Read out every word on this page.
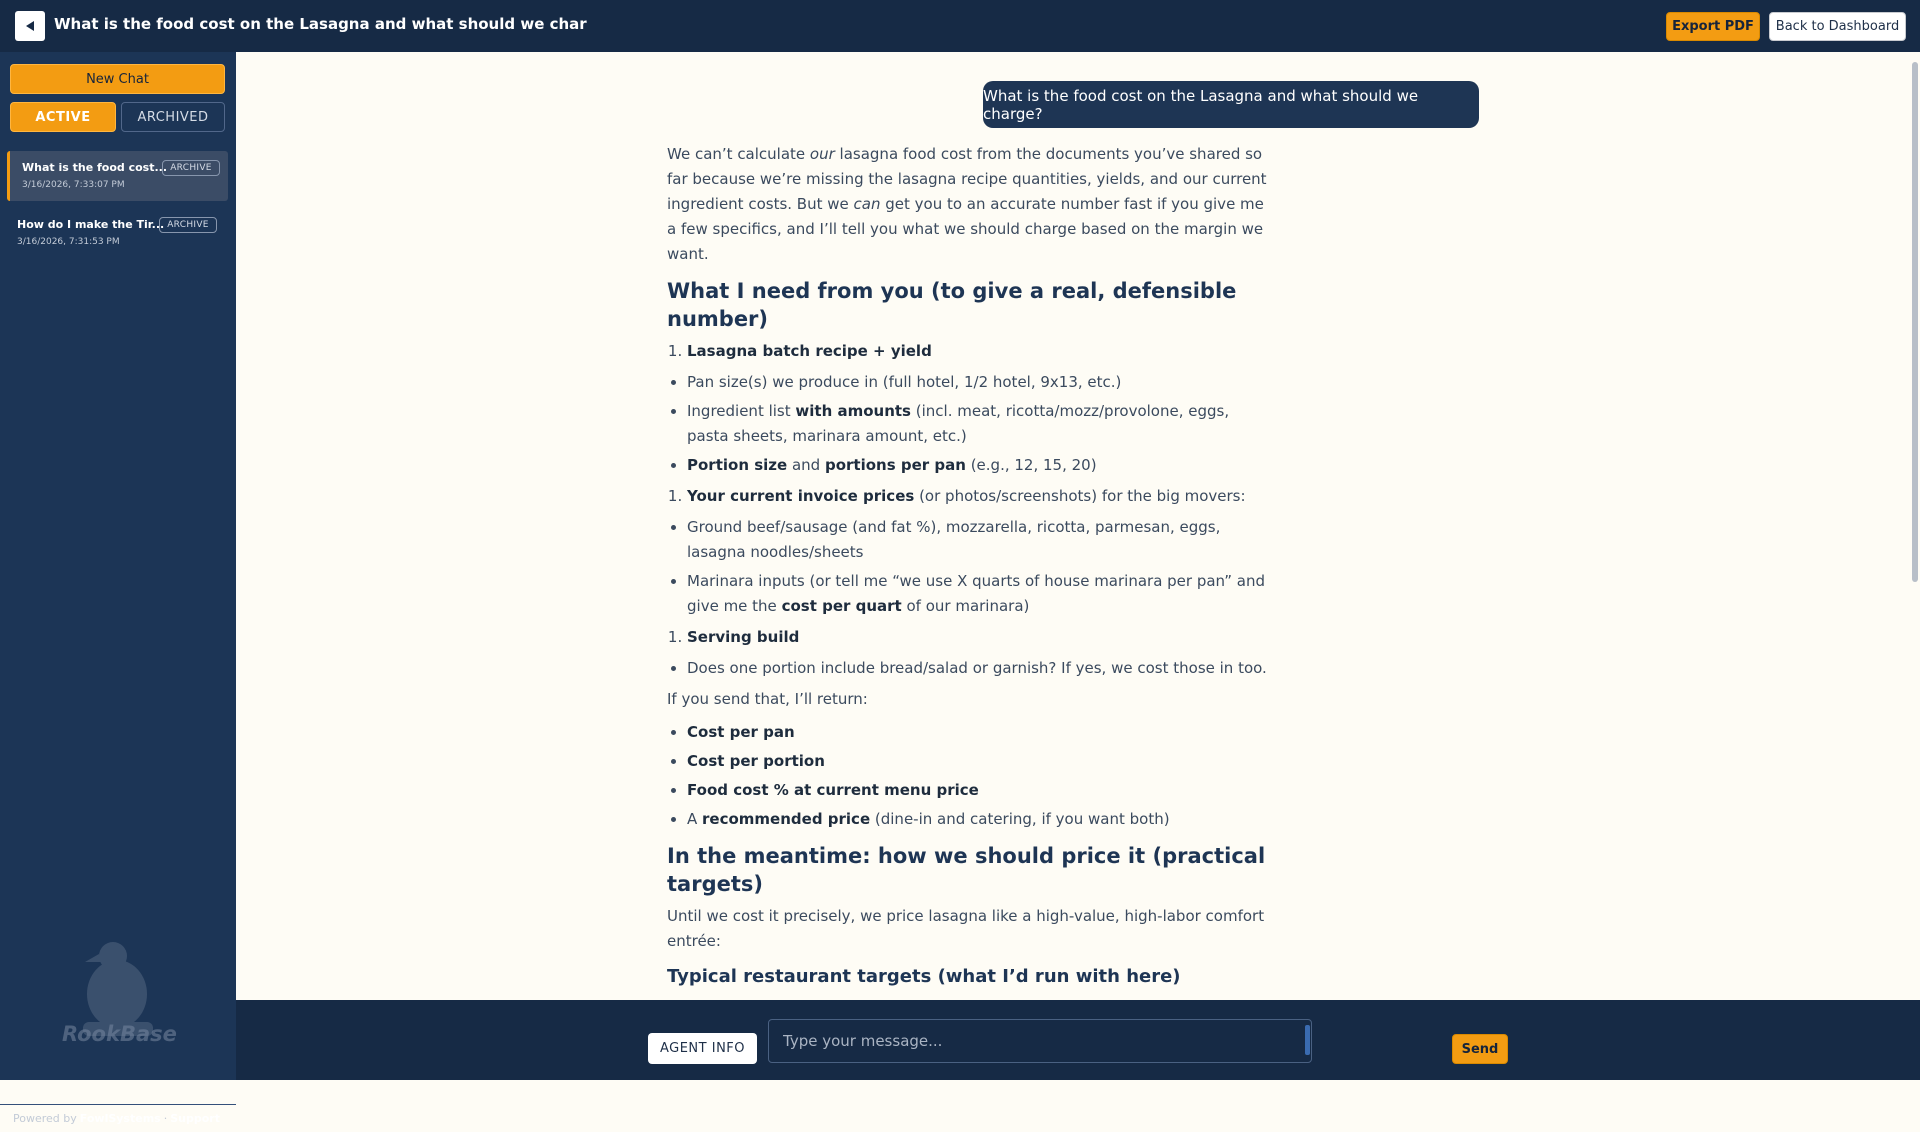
What is the food cost on the Lasagna and what should we char	Export PDF	Back to Dashboard
New Chat
ACTIVE	ARCHIVED
What is the food cost...
3/16/2026, 7:33:07 PM
ARCHIVE
How do I make the Tir...
3/16/2026, 7:31:53 PM
ARCHIVE
RookBase
Powered by FowlSystems · Support
What is the food cost on the Lasagna and what should we charge?

We can’t calculate our lasagna food cost from the documents you’ve shared so far because we’re missing the lasagna recipe quantities, yields, and our current ingredient costs. But we can get you to an accurate number fast if you give me a few specifics, and I’ll tell you what we should charge based on the margin we want.

What I need from you (to give a real, defensible number)
1. Lasagna batch recipe + yield
• Pan size(s) we produce in (full hotel, 1/2 hotel, 9x13, etc.)
• Ingredient list with amounts (incl. meat, ricotta/mozz/provolone, eggs, pasta sheets, marinara amount, etc.)
• Portion size and portions per pan (e.g., 12, 15, 20)
1. Your current invoice prices (or photos/screenshots) for the big movers:
• Ground beef/sausage (and fat %), mozzarella, ricotta, parmesan, eggs, lasagna noodles/sheets
• Marinara inputs (or tell me “we use X quarts of house marinara per pan” and give me the cost per quart of our marinara)
1. Serving build
• Does one portion include bread/salad or garnish? If yes, we cost those in too.

If you send that, I’ll return:

• Cost per pan
• Cost per portion
• Food cost % at current menu price
• A recommended price (dine-in and catering, if you want both)
In the meantime: how we should price it (practical targets)

Until we cost it precisely, we price lasagna like a high-value, high-labor comfort entrée:

Typical restaurant targets (what I’d run with here)
•
AGENT INFO
Type your message...	Send
